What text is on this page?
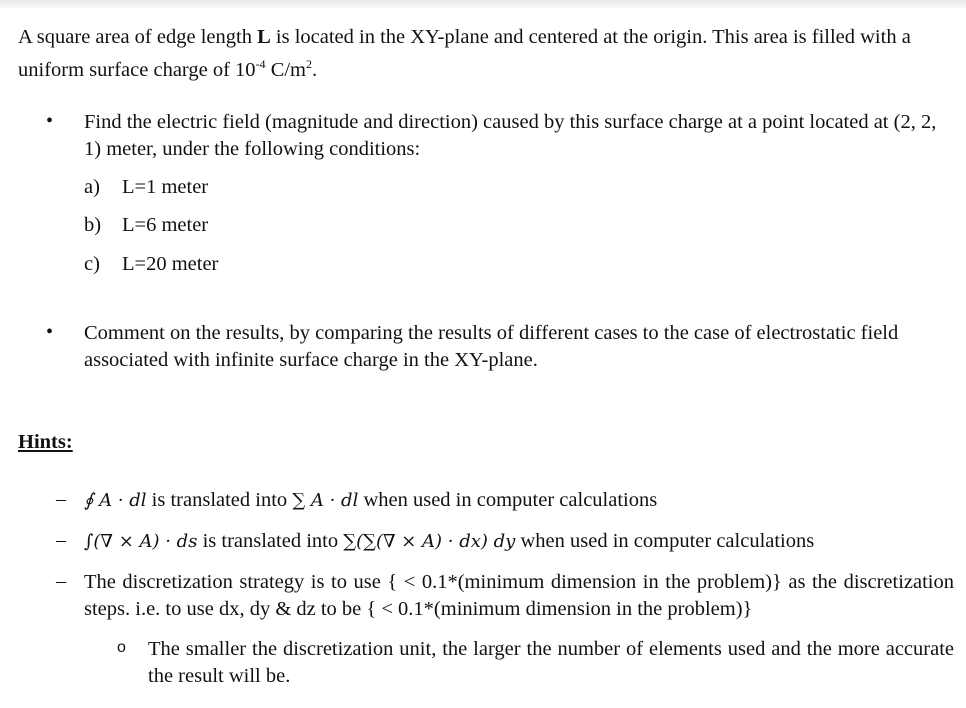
A square area of edge length L is located in the XY-plane and centered at the origin. This area is filled with a uniform surface charge of $10^{-4}$ $C/m^2$.
• Find the electric field (magnitude and direction) caused by this surface charge at a point located at (2, 2, 1) meter, under the following conditions:
a) L=1 meter
b) L=6 meter
c) L=20 meter
• Comment on the results, by comparing the results of different cases to the case of electrostatic field associated with infinite surface charge in the XY-plane.
Hints:
– ∮ A · dl is translated into ∑ A · dl when used in computer calculations
– ∫(∇ × A) · ds is translated into ∑(∑(∇ × A) · dx) dy when used in computer calculations
– The discretization strategy is to use { < 0.1*(minimum dimension in the problem)} as the discretization steps. i.e. to use dx, dy & dz to be { < 0.1*(minimum dimension in the problem)}
o The smaller the discretization unit, the larger the number of elements used and the more accurate the result will be.
